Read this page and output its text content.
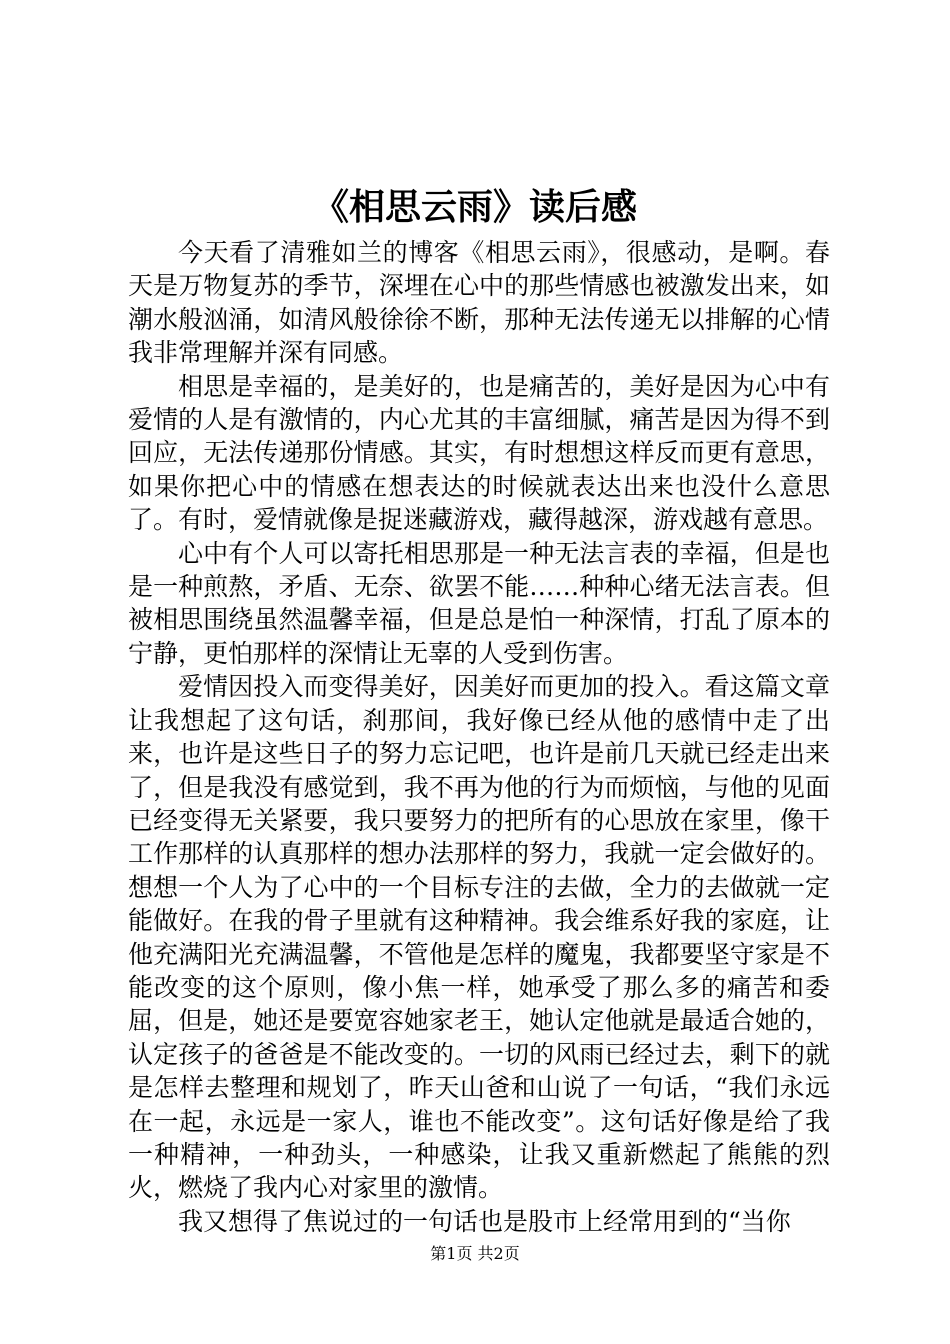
《相思云雨》读后感

今天看了清雅如兰的博客《相思云雨》，很感动，是啊。春天是万物复苏的季节，深埋在心中的那些情感也被激发出来，如潮水般汹涌，如清风般徐徐不断，那种无法传递无以排解的心情我非常理解并深有同感。

相思是幸福的，是美好的，也是痛苦的，美好是因为心中有爱情的人是有激情的，内心尤其的丰富细腻，痛苦是因为得不到回应，无法传递那份情感。其实，有时想想这样反而更有意思，如果你把心中的情感在想表达的时候就表达出来也没什么意思了。有时，爱情就像是捉迷藏游戏，藏得越深，游戏越有意思。

心中有个人可以寄托相思那是一种无法言表的幸福，但是也是一种煎熬，矛盾、无奈、欲罢不能……种种心绪无法言表。但被相思围绕虽然温馨幸福，但是总是怕一种深情，打乱了原本的宁静，更怕那样的深情让无辜的人受到伤害。

爱情因投入而变得美好，因美好而更加的投入。看这篇文章让我想起了这句话，刹那间，我好像已经从他的感情中走了出来，也许是这些日子的努力忘记吧，也许是前几天就已经走出来了，但是我没有感觉到，我不再为他的行为而烦恼，与他的见面已经变得无关紧要，我只要努力的把所有的心思放在家里，像干工作那样的认真那样的想办法那样的努力，我就一定会做好的。想想一个人为了心中的一个目标专注的去做，全力的去做就一定能做好。在我的骨子里就有这种精神。我会维系好我的家庭，让他充满阳光充满温馨，不管他是怎样的魔鬼，我都要坚守家是不能改变的这个原则，像小焦一样，她承受了那么多的痛苦和委屈，但是，她还是要宽容她家老王，她认定他就是最适合她的，认定孩子的爸爸是不能改变的。一切的风雨已经过去，剩下的就是怎样去整理和规划了，昨天山爸和山说了一句话，“我们永远在一起，永远是一家人，谁也不能改变”。这句话好像是给了我一种精神，一种劲头，一种感染，让我又重新燃起了熊熊的烈火，燃烧了我内心对家里的激情。

我又想得了焦说过的一句话也是股市上经常用到的“当你

第1页 共2页
